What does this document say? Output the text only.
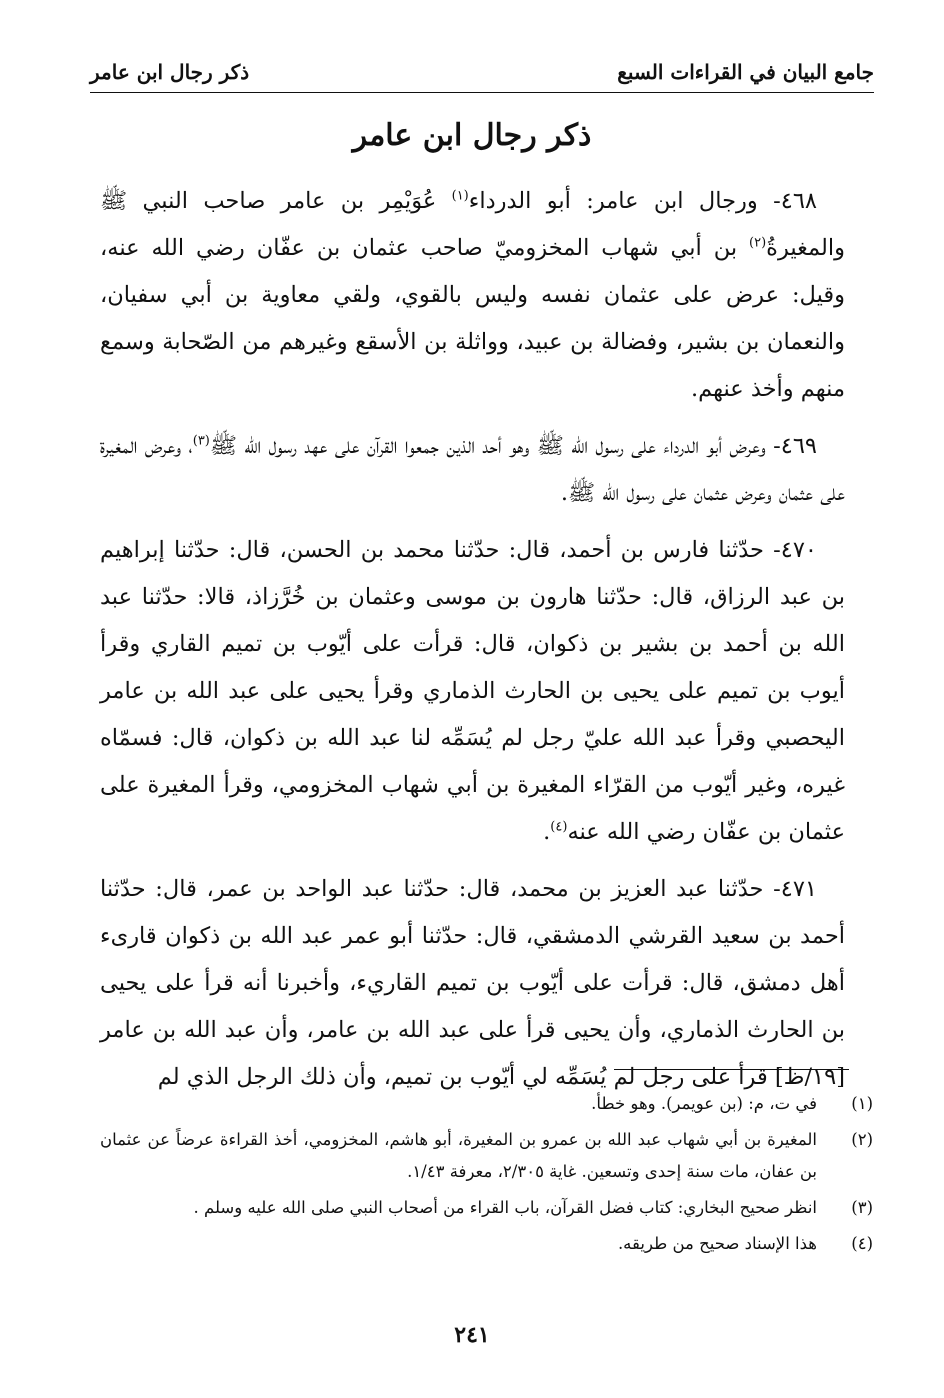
جامع البيان في القراءات السبع
ذكر رجال ابن عامر
ذكر رجال ابن عامر

٤٦٨- ورجال ابن عامر: أبو الدرداء$^{(١)}$ عُوَيْمِر بن عامر صاحب النبي ﷺ والمغيرةُ$^{(٢)}$ بن أبي شهاب المخزوميّ صاحب عثمان بن عفّان رضي الله عنه، وقيل: عرض على عثمان نفسه وليس بالقوي، ولقي معاوية بن أبي سفيان، والنعمان بن بشير، وفضالة بن عبيد، وواثلة بن الأسقع وغيرهم من الصّحابة وسمع منهم وأخذ عنهم.

٤٦٩- وعرض أبو الدرداء على رسول الله ﷺ وهو أحد الذين جمعوا القرآن على عهد رسول الله ﷺ$^{(٣)}$، وعرض المغيرة على عثمان وعرض عثمان على رسول الله ﷺ.

٤٧٠- حدّثنا فارس بن أحمد، قال: حدّثنا محمد بن الحسن، قال: حدّثنا إبراهيم بن عبد الرزاق، قال: حدّثنا هارون بن موسى وعثمان بن خُرَّزاذ، قالا: حدّثنا عبد الله بن أحمد بن بشير بن ذكوان، قال: قرأت على أيّوب بن تميم القاري وقرأ أيوب بن تميم على يحيى بن الحارث الذماري وقرأ يحيى على عبد الله بن عامر اليحصبي وقرأ عبد الله عليّ رجل لم يُسَمِّه لنا عبد الله بن ذكوان، قال: فسمّاه غيره، وغير أيّوب من القرّاء المغيرة بن أبي شهاب المخزومي، وقرأ المغيرة على عثمان بن عفّان رضي الله عنه$^{(٤)}$.

٤٧١- حدّثنا عبد العزيز بن محمد، قال: حدّثنا عبد الواحد بن عمر، قال: حدّثنا أحمد بن سعيد القرشي الدمشقي، قال: حدّثنا أبو عمر عبد الله بن ذكوان قارىء أهل دمشق، قال: قرأت على أيّوب بن تميم القاريء، وأخبرنا أنه قرأ على يحيى بن الحارث الذماري، وأن يحيى قرأ على عبد الله بن عامر، وأن عبد الله بن عامر [١٩/ظ] قرأ على رجل لم يُسَمِّه لي أيّوب بن تميم، وأن ذلك الرجل الذي لم

(١)في ت، م: (بن عويمر). وهو خطأ.

(٢)المغيرة بن أبي شهاب عبد الله بن عمرو بن المغيرة، أبو هاشم، المخزومي، أخذ القراءة عرضاً عن عثمان بن عفان، مات سنة إحدى وتسعين. غاية ٢/٣٠٥، معرفة ١/٤٣.

(٣)انظر صحيح البخاري: كتاب فضل القرآن، باب القراء من أصحاب النبي صلى الله عليه وسلم .

(٤)هذا الإسناد صحيح من طريقه.

٢٤١
